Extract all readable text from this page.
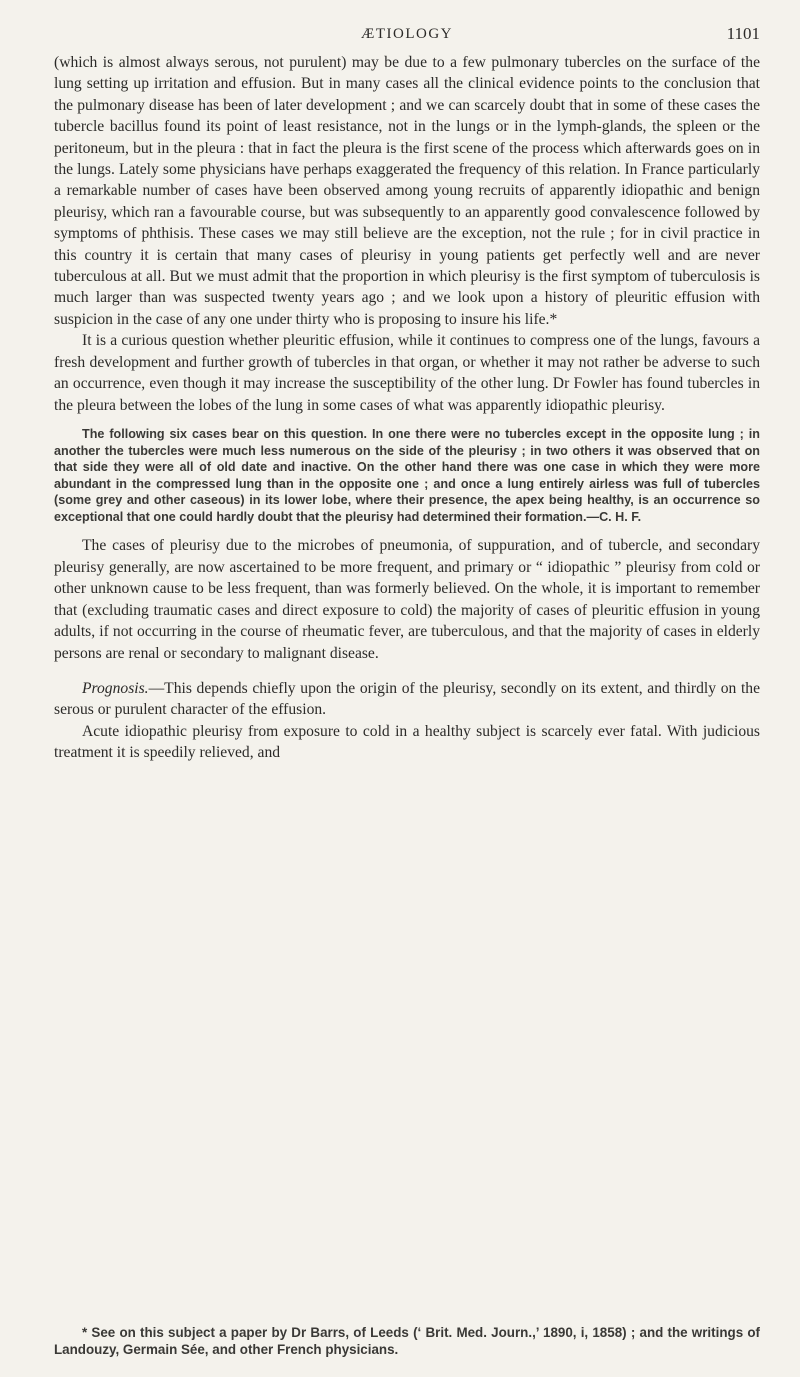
ÆTIOLOGY	1101

(which is almost always serous, not purulent) may be due to a few pulmonary tubercles on the surface of the lung setting up irritation and effusion. But in many cases all the clinical evidence points to the conclusion that the pulmonary disease has been of later development ; and we can scarcely doubt that in some of these cases the tubercle bacillus found its point of least resistance, not in the lungs or in the lymph-glands, the spleen or the peritoneum, but in the pleura : that in fact the pleura is the first scene of the process which afterwards goes on in the lungs. Lately some physicians have perhaps exaggerated the frequency of this relation. In France particularly a remarkable number of cases have been observed among young recruits of apparently idiopathic and benign pleurisy, which ran a favourable course, but was subsequently to an apparently good convalescence followed by symptoms of phthisis. These cases we may still believe are the exception, not the rule ; for in civil practice in this country it is certain that many cases of pleurisy in young patients get perfectly well and are never tuberculous at all. But we must admit that the proportion in which pleurisy is the first symptom of tuberculosis is much larger than was suspected twenty years ago ; and we look upon a history of pleuritic effusion with suspicion in the case of any one under thirty who is proposing to insure his life.*

It is a curious question whether pleuritic effusion, while it continues to compress one of the lungs, favours a fresh development and further growth of tubercles in that organ, or whether it may not rather be adverse to such an occurrence, even though it may increase the susceptibility of the other lung. Dr Fowler has found tubercles in the pleura between the lobes of the lung in some cases of what was apparently idiopathic pleurisy.

The following six cases bear on this question. In one there were no tubercles except in the opposite lung ; in another the tubercles were much less numerous on the side of the pleurisy ; in two others it was observed that on that side they were all of old date and inactive. On the other hand there was one case in which they were more abundant in the compressed lung than in the opposite one ; and once a lung entirely airless was full of tubercles (some grey and other caseous) in its lower lobe, where their presence, the apex being healthy, is an occurrence so exceptional that one could hardly doubt that the pleurisy had determined their formation.—C. H. F.

The cases of pleurisy due to the microbes of pneumonia, of suppuration, and of tubercle, and secondary pleurisy generally, are now ascertained to be more frequent, and primary or “ idiopathic ” pleurisy from cold or other unknown cause to be less frequent, than was formerly believed. On the whole, it is important to remember that (excluding traumatic cases and direct exposure to cold) the majority of cases of pleuritic effusion in young adults, if not occurring in the course of rheumatic fever, are tuberculous, and that the majority of cases in elderly persons are renal or secondary to malignant disease.

Prognosis.—This depends chiefly upon the origin of the pleurisy, secondly on its extent, and thirdly on the serous or purulent character of the effusion.

Acute idiopathic pleurisy from exposure to cold in a healthy subject is scarcely ever fatal. With judicious treatment it is speedily relieved, and

* See on this subject a paper by Dr Barrs, of Leeds (‘ Brit. Med. Journ.,’ 1890, i, 1858) ; and the writings of Landouzy, Germain Sée, and other French physicians.
